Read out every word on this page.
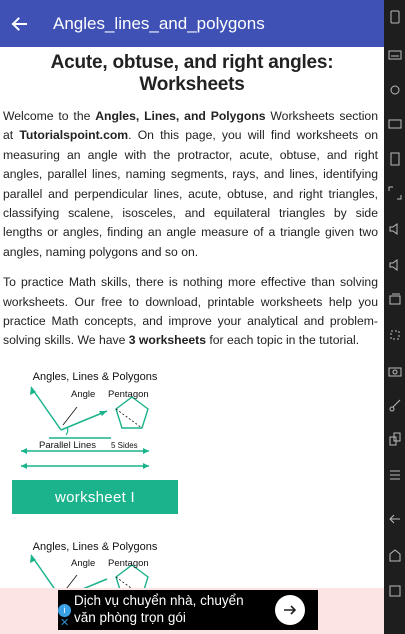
Angles_lines_and_polygons
Acute, obtuse, and right angles: Worksheets

Welcome to the Angles, Lines, and Polygons Worksheets section at Tutorialspoint.com. On this page, you will find worksheets on measuring an angle with the protractor, acute, obtuse, and right angles, parallel lines, naming segments, rays, and lines, identifying parallel and perpendicular lines, acute, obtuse, and right triangles, classifying scalene, isosceles, and equilateral triangles by side lengths or angles, finding an angle measure of a triangle given two angles, naming polygons and so on.

To practice Math skills, there is nothing more effective than solving worksheets. Our free to download, printable worksheets help you practice Math concepts, and improve your analytical and problem-solving skills. We have 3 worksheets for each topic in the tutorial.

Angles, Lines & Polygons
Angle Pentagon
Parallel Lines 5 Sides
worksheet I
Angles, Lines & Polygons
Angle Pentagon
Dịch vụ chuyển nhà, chuyển
văn phòng trọn gói
i
✕
